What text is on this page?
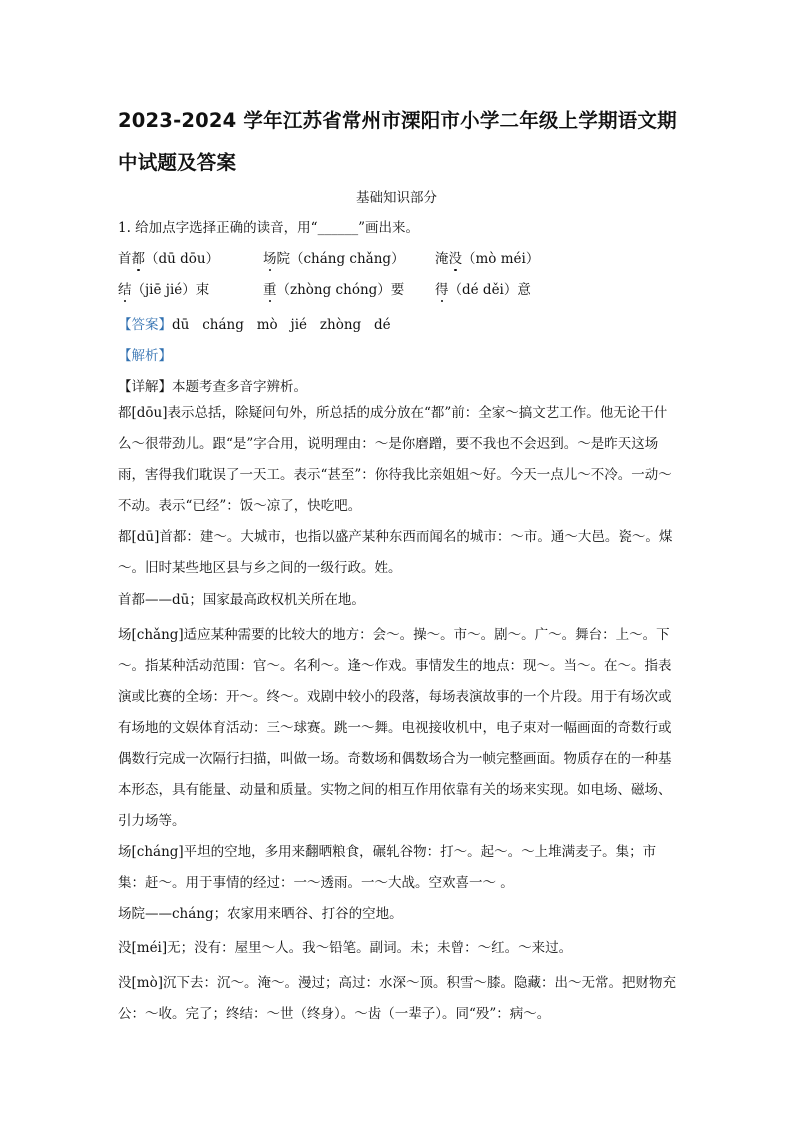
2023-2024 学年江苏省常州市溧阳市小学二年级上学期语文期中试题及答案
基础知识部分
1. 给加点字选择正确的读音，用“______”画出来。
首都（dū dōu）	场院（cháng chǎng） 淹没（mò méi）
结（jiē jié）束	重（zhòng chóng）要 得（dé děi）意
【答案】dū   cháng   mò   jié   zhòng   dé
【解析】
【详解】本题考查多音字辨析。
都[dōu]表示总括，除疑问句外，所总括的成分放在“都”前：全家～搞文艺工作。他无论干什么～很带劲儿。跟“是”字合用，说明理由：～是你磨蹭，要不我也不会迟到。～是昨天这场雨，害得我们耽误了一天工。表示“甚至”：你待我比亲姐姐～好。今天一点儿～不冷。一动～不动。表示“已经”：饭～凉了，快吃吧。
都[dū]首都：建～。大城市，也指以盛产某种东西而闻名的城市：～市。通～大邑。瓷～。煤～。旧时某些地区县与乡之间的一级行政。姓。
首都——dū；国家最高政权机关所在地。
场[chǎng]适应某种需要的比较大的地方：会～。操～。市～。剧～。广～。舞台：上～。下～。指某种活动范围：官～。名利～。逢～作戏。事情发生的地点：现～。当～。在～。指表演或比赛的全场：开～。终～。戏剧中较小的段落，每场表演故事的一个片段。用于有场次或有场地的文娱体育活动：三～球赛。跳一～舞。电视接收机中，电子束对一幅画面的奇数行或偶数行完成一次隔行扫描，叫做一场。奇数场和偶数场合为一帧完整画面。物质存在的一种基本形态，具有能量、动量和质量。实物之间的相互作用依靠有关的场来实现。如电场、磁场、引力场等。
场[cháng]平坦的空地，多用来翻晒粮食，碾轧谷物：打～。起～。～上堆满麦子。集；市集：赶～。用于事情的经过：一～透雨。一～大战。空欢喜一～ 。
场院——cháng；农家用来晒谷、打谷的空地。
没[méi]无；没有：屋里～人。我～铅笔。副词。未；未曾：～红。～来过。
没[mò]沉下去：沉～。淹～。漫过；高过：水深～顶。积雪～膝。隐藏：出～无常。把财物充公：～收。完了；终结：～世（终身）。～齿（一辈子）。同“殁”：病～。
